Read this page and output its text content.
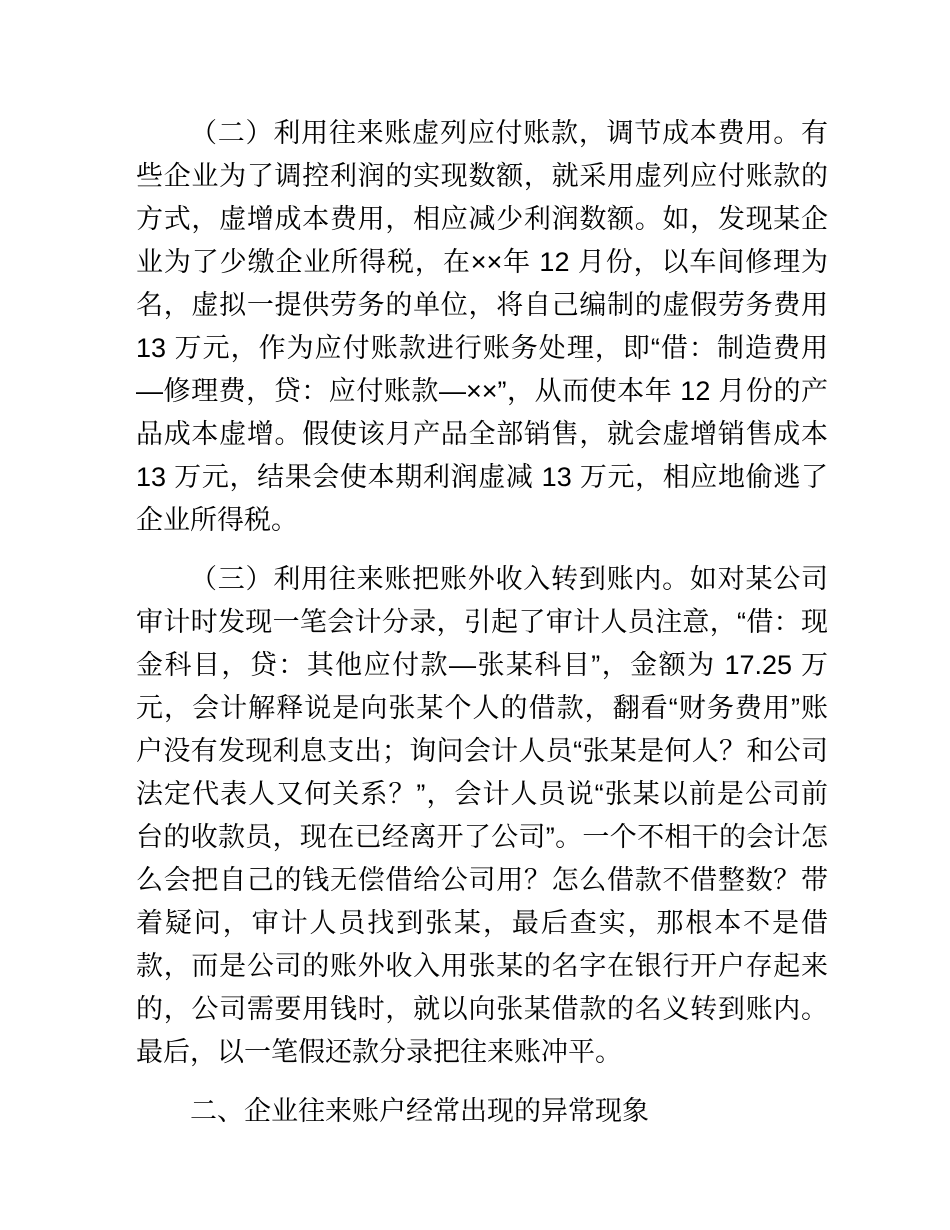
（二）利用往来账虚列应付账款，调节成本费用。有些企业为了调控利润的实现数额，就采用虚列应付账款的方式，虚增成本费用，相应减少利润数额。如，发现某企业为了少缴企业所得税，在××年 12 月份，以车间修理为名，虚拟一提供劳务的单位，将自己编制的虚假劳务费用 13 万元，作为应付账款进行账务处理，即“借：制造费用—修理费，贷：应付账款—××”，从而使本年 12 月份的产品成本虚增。假使该月产品全部销售，就会虚增销售成本 13 万元，结果会使本期利润虚减 13 万元，相应地偷逃了企业所得税。

（三）利用往来账把账外收入转到账内。如对某公司审计时发现一笔会计分录，引起了审计人员注意，“借：现金科目，贷：其他应付款—张某科目”，金额为 17.25 万元，会计解释说是向张某个人的借款，翻看“财务费用”账户没有发现利息支出；询问会计人员“张某是何人？和公司法定代表人又何关系？”，会计人员说“张某以前是公司前台的收款员，现在已经离开了公司”。一个不相干的会计怎么会把自己的钱无偿借给公司用？怎么借款不借整数？带着疑问，审计人员找到张某，最后查实，那根本不是借款，而是公司的账外收入用张某的名字在银行开户存起来的，公司需要用钱时，就以向张某借款的名义转到账内。最后，以一笔假还款分录把往来账冲平。

二、企业往来账户经常出现的异常现象
